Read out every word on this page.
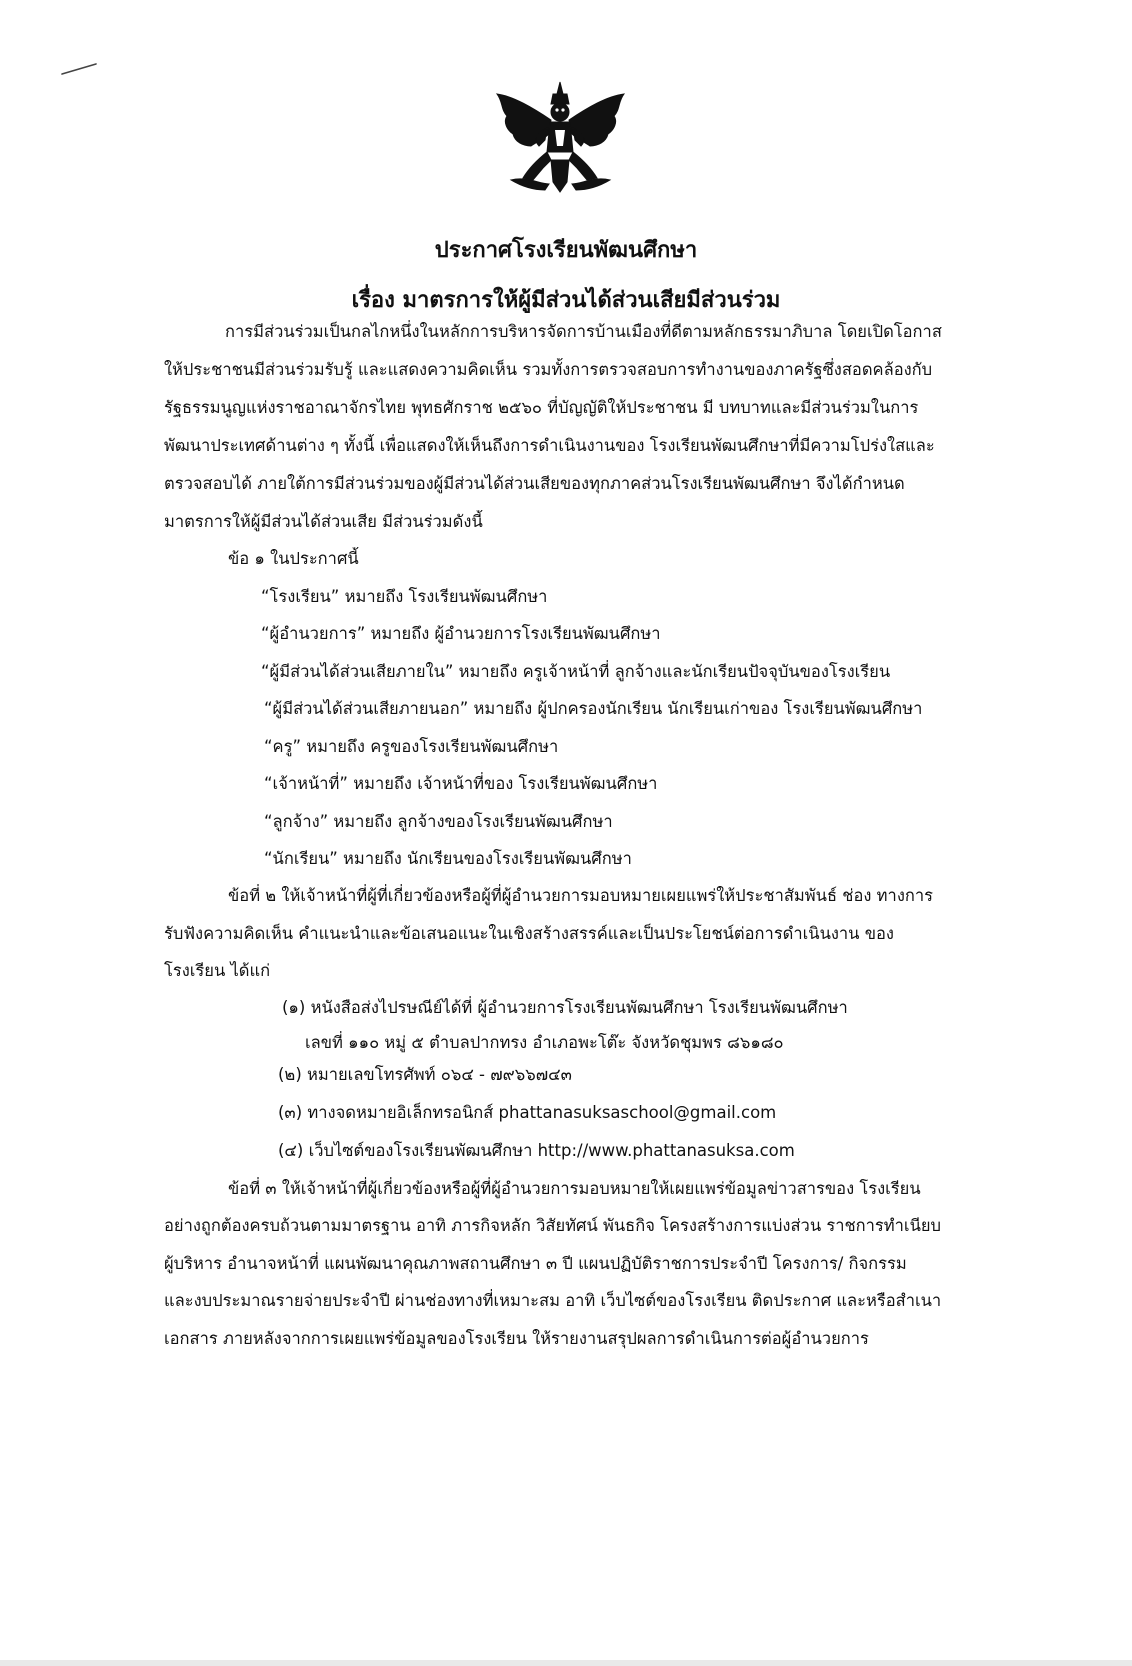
ประกาศโรงเรียนพัฒนศึกษา
เรื่อง มาตรการให้ผู้มีส่วนได้ส่วนเสียมีส่วนร่วม
การมีส่วนร่วมเป็นกลไกหนึ่งในหลักการบริหารจัดการบ้านเมืองที่ดีตามหลักธรรมาภิบาล โดยเปิดโอกาส
ให้ประชาชนมีส่วนร่วมรับรู้ และแสดงความคิดเห็น รวมทั้งการตรวจสอบการทำงานของภาครัฐซึ่งสอดคล้องกับ
รัฐธรรมนูญแห่งราชอาณาจักรไทย พุทธศักราช ๒๕๖๐ ที่บัญญัติให้ประชาชน มี บทบาทและมีส่วนร่วมในการ
พัฒนาประเทศด้านต่าง ๆ ทั้งนี้ เพื่อแสดงให้เห็นถึงการดำเนินงานของ โรงเรียนพัฒนศึกษาที่มีความโปร่งใสและ
ตรวจสอบได้ ภายใต้การมีส่วนร่วมของผู้มีส่วนได้ส่วนเสียของทุกภาคส่วนโรงเรียนพัฒนศึกษา จึงได้กำหนด
มาตรการให้ผู้มีส่วนได้ส่วนเสีย มีส่วนร่วมดังนี้
ข้อ ๑ ในประกาศนี้
“โรงเรียน” หมายถึง โรงเรียนพัฒนศึกษา
“ผู้อำนวยการ” หมายถึง ผู้อำนวยการโรงเรียนพัฒนศึกษา
“ผู้มีส่วนได้ส่วนเสียภายใน” หมายถึง ครูเจ้าหน้าที่ ลูกจ้างและนักเรียนปัจจุบันของโรงเรียน
“ผู้มีส่วนได้ส่วนเสียภายนอก” หมายถึง ผู้ปกครองนักเรียน นักเรียนเก่าของ โรงเรียนพัฒนศึกษา
“ครู” หมายถึง ครูของโรงเรียนพัฒนศึกษา
“เจ้าหน้าที่” หมายถึง เจ้าหน้าที่ของ โรงเรียนพัฒนศึกษา
“ลูกจ้าง” หมายถึง ลูกจ้างของโรงเรียนพัฒนศึกษา
“นักเรียน” หมายถึง นักเรียนของโรงเรียนพัฒนศึกษา
ข้อที่ ๒ ให้เจ้าหน้าที่ผู้ที่เกี่ยวข้องหรือผู้ที่ผู้อำนวยการมอบหมายเผยแพร่ให้ประชาสัมพันธ์ ช่อง ทางการ
รับฟังความคิดเห็น คำแนะนำและข้อเสนอแนะในเชิงสร้างสรรค์และเป็นประโยชน์ต่อการดำเนินงาน ของ
โรงเรียน ได้แก่
(๑) หนังสือส่งไปรษณีย์ได้ที่ ผู้อำนวยการโรงเรียนพัฒนศึกษา โรงเรียนพัฒนศึกษา
เลขที่ ๑๑๐ หมู่ ๕ ตำบลปากทรง อำเภอพะโต๊ะ จังหวัดชุมพร ๘๖๑๘๐
(๒) หมายเลขโทรศัพท์ ๐๖๔ - ๗๙๖๖๗๔๓
(๓) ทางจดหมายอิเล็กทรอนิกส์ phattanasuksaschool@gmail.com
(๔) เว็บไซต์ของโรงเรียนพัฒนศึกษา http://www.phattanasuksa.com
ข้อที่ ๓ ให้เจ้าหน้าที่ผู้เกี่ยวข้องหรือผู้ที่ผู้อำนวยการมอบหมายให้เผยแพร่ข้อมูลข่าวสารของ โรงเรียน
อย่างถูกต้องครบถ้วนตามมาตรฐาน อาทิ ภารกิจหลัก วิสัยทัศน์ พันธกิจ โครงสร้างการแบ่งส่วน ราชการทำเนียบ
ผู้บริหาร อำนาจหน้าที่ แผนพัฒนาคุณภาพสถานศึกษา ๓ ปี แผนปฏิบัติราชการประจำปี โครงการ/ กิจกรรม
และงบประมาณรายจ่ายประจำปี ผ่านช่องทางที่เหมาะสม อาทิ เว็บไซต์ของโรงเรียน ติดประกาศ และหรือสำเนา
เอกสาร ภายหลังจากการเผยแพร่ข้อมูลของโรงเรียน ให้รายงานสรุปผลการดำเนินการต่อผู้อำนวยการ
